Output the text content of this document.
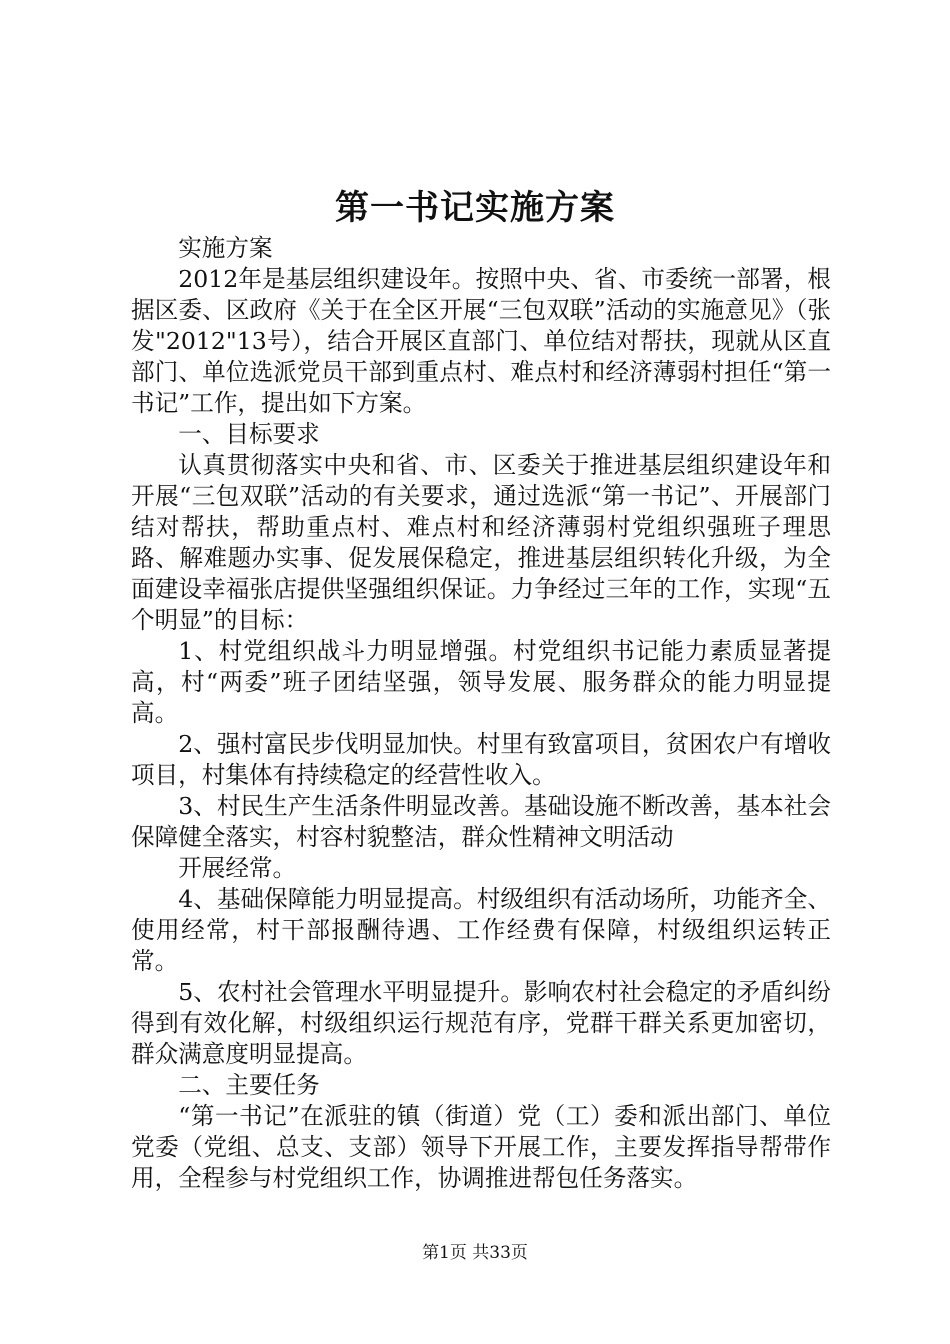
第一书记实施方案

实施方案

2012年是基层组织建设年。按照中央、省、市委统一部署，根据区委、区政府《关于在全区开展“三包双联”活动的实施意见》（张发"2012"13号），结合开展区直部门、单位结对帮扶，现就从区直部门、单位选派党员干部到重点村、难点村和经济薄弱村担任“第一书记”工作，提出如下方案。

一、目标要求

认真贯彻落实中央和省、市、区委关于推进基层组织建设年和开展“三包双联”活动的有关要求，通过选派“第一书记”、开展部门结对帮扶，帮助重点村、难点村和经济薄弱村党组织强班子理思路、解难题办实事、促发展保稳定，推进基层组织转化升级，为全面建设幸福张店提供坚强组织保证。力争经过三年的工作，实现“五个明显”的目标：

1、村党组织战斗力明显增强。村党组织书记能力素质显著提高，村“两委”班子团结坚强，领导发展、服务群众的能力明显提高。

2、强村富民步伐明显加快。村里有致富项目，贫困农户有增收项目，村集体有持续稳定的经营性收入。

3、村民生产生活条件明显改善。基础设施不断改善，基本社会保障健全落实，村容村貌整洁，群众性精神文明活动

开展经常。

4、基础保障能力明显提高。村级组织有活动场所，功能齐全、使用经常，村干部报酬待遇、工作经费有保障，村级组织运转正常。

5、农村社会管理水平明显提升。影响农村社会稳定的矛盾纠纷得到有效化解，村级组织运行规范有序，党群干群关系更加密切，群众满意度明显提高。

二、主要任务

“第一书记”在派驻的镇（街道）党（工）委和派出部门、单位党委（党组、总支、支部）领导下开展工作，主要发挥指导帮带作用，全程参与村党组织工作，协调推进帮包任务落实。

第1页 共33页
